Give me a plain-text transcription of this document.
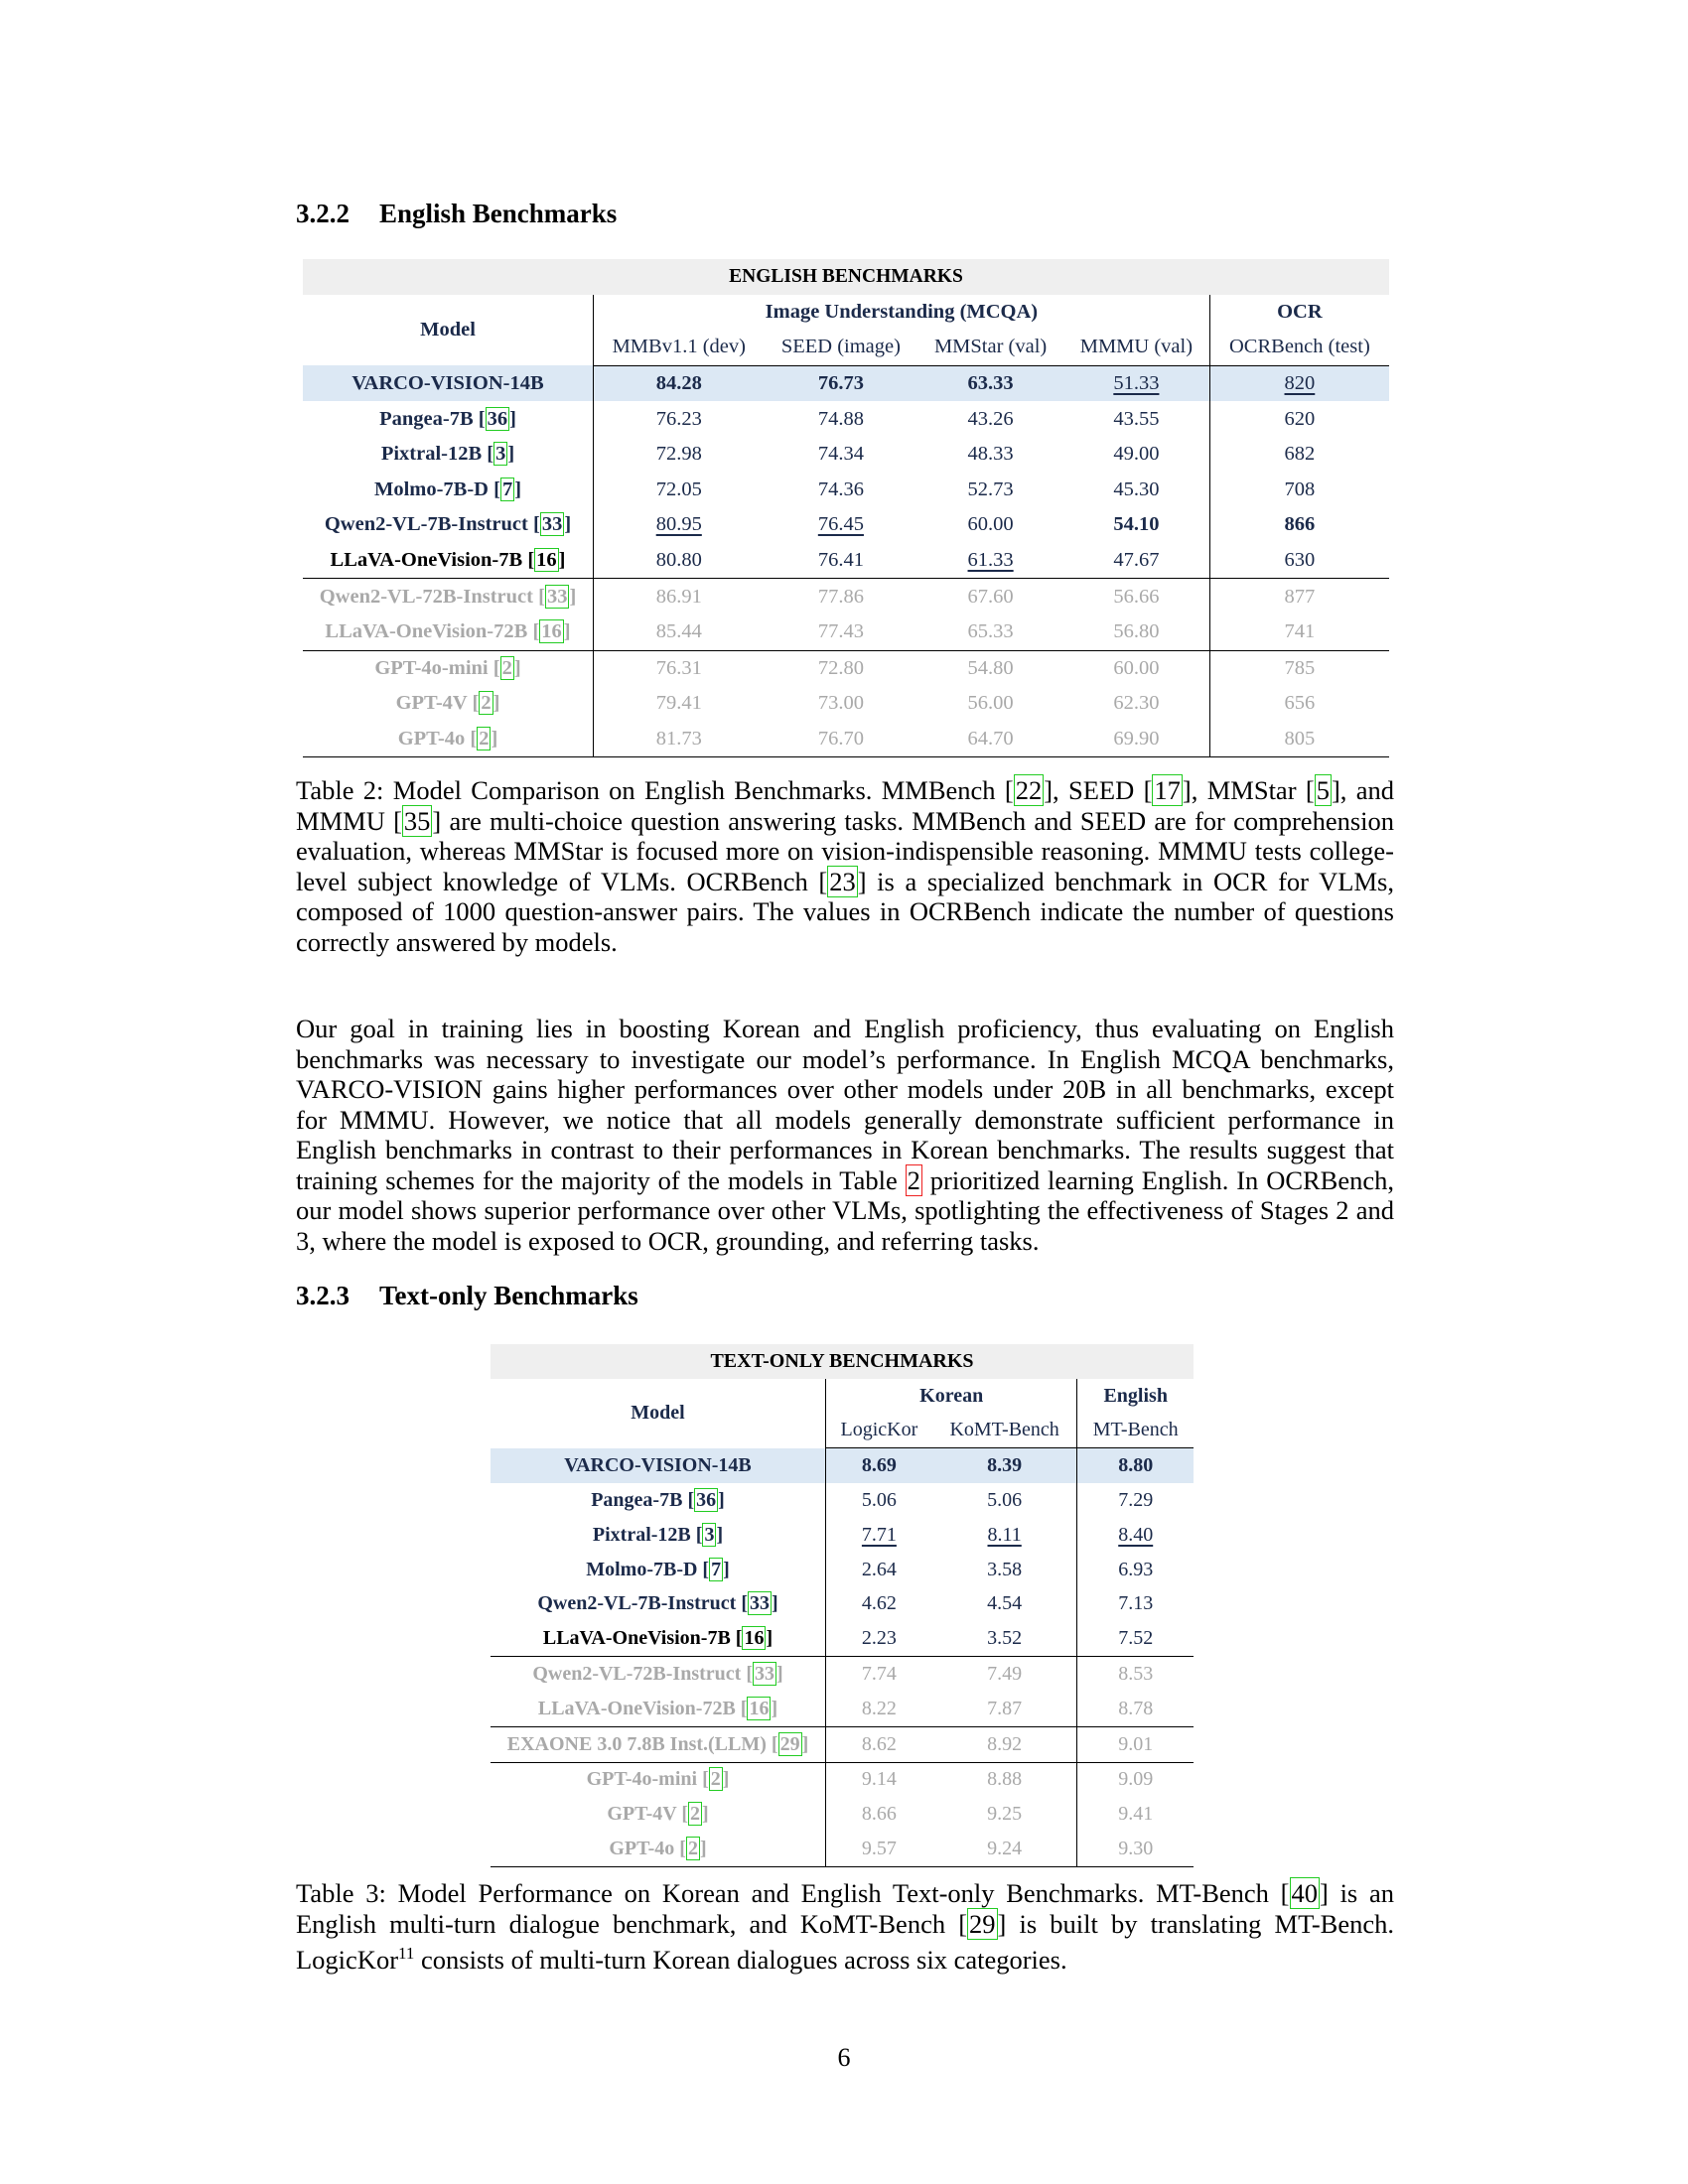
3.2.2 English Benchmarks
ENGLISH BENCHMARKS					
Model	Image Understanding (MCQA)				OCR
	MMBv1.1 (dev)	SEED (image)	MMStar (val)	MMMU (val)	OCRBench (test)
VARCO-VISION-14B	84.28	76.73	63.33	51.33	820
Pangea-7B [36]	76.23	74.88	43.26	43.55	620
Pixtral-12B [3]	72.98	74.34	48.33	49.00	682
Molmo-7B-D [7]	72.05	74.36	52.73	45.30	708
Qwen2-VL-7B-Instruct [33]	80.95	76.45	60.00	54.10	866
LLaVA-OneVision-7B [16]	80.80	76.41	61.33	47.67	630
Qwen2-VL-72B-Instruct [33]	86.91	77.86	67.60	56.66	877
LLaVA-OneVision-72B [16]	85.44	77.43	65.33	56.80	741
GPT-4o-mini [2]	76.31	72.80	54.80	60.00	785
GPT-4V [2]	79.41	73.00	56.00	62.30	656
GPT-4o [2]	81.73	76.70	64.70	69.90	805

Table 2: Model Comparison on English Benchmarks. MMBench [22], SEED [17], MMStar [5], and MMMU [35] are multi-choice question answering tasks. MMBench and SEED are for comprehension evaluation, whereas MMStar is focused more on vision-indispensible reasoning. MMMU tests college-level subject knowledge of VLMs. OCRBench [23] is a specialized benchmark in OCR for VLMs, composed of 1000 question-answer pairs. The values in OCRBench indicate the number of questions correctly answered by models.

Our goal in training lies in boosting Korean and English proficiency, thus evaluating on English benchmarks was necessary to investigate our model’s performance. In English MCQA benchmarks, VARCO-VISION gains higher performances over other models under 20B in all benchmarks, except for MMMU. However, we notice that all models generally demonstrate sufficient performance in English benchmarks in contrast to their performances in Korean benchmarks. The results suggest that training schemes for the majority of the models in Table 2 prioritized learning English. In OCRBench, our model shows superior performance over other VLMs, spotlighting the effectiveness of Stages 2 and 3, where the model is exposed to OCR, grounding, and referring tasks.

3.2.3 Text-only Benchmarks
TEXT-ONLY BENCHMARKS			
Model	Korean		English
	LogicKor	KoMT-Bench	MT-Bench
VARCO-VISION-14B	8.69	8.39	8.80
Pangea-7B [ 36 ]	5.06	5.06	7.29
Pixtral-12B [ 3 ]	7.71	8.11	8.40
Molmo-7B-D [ 7 ]	2.64	3.58	6.93
Qwen2-VL-7B-Instruct [ 33 ]	4.62	4.54	7.13
LLaVA-OneVision-7B [ 16 ]	2.23	3.52	7.52
Qwen2-VL-72B-Instruct [ 33 ]	7.74	7.49	8.53
LLaVA-OneVision-72B [ 16 ]	8.22	7.87	8.78
EXAONE 3.0 7.8B Inst.(LLM) [ 29 ]	8.62	8.92	9.01
GPT-4o-mini [ 2 ]	9.14	8.88	9.09
GPT-4V [ 2 ]	8.66	9.25	9.41
GPT-4o [ 2 ]	9.57	9.24	9.30

Table 3: Model Performance on Korean and English Text-only Benchmarks. MT-Bench [40] is an English multi-turn dialogue benchmark, and KoMT-Bench [29] is built by translating MT-Bench. LogicKor$^{11}$ consists of multi-turn Korean dialogues across six categories.

6
